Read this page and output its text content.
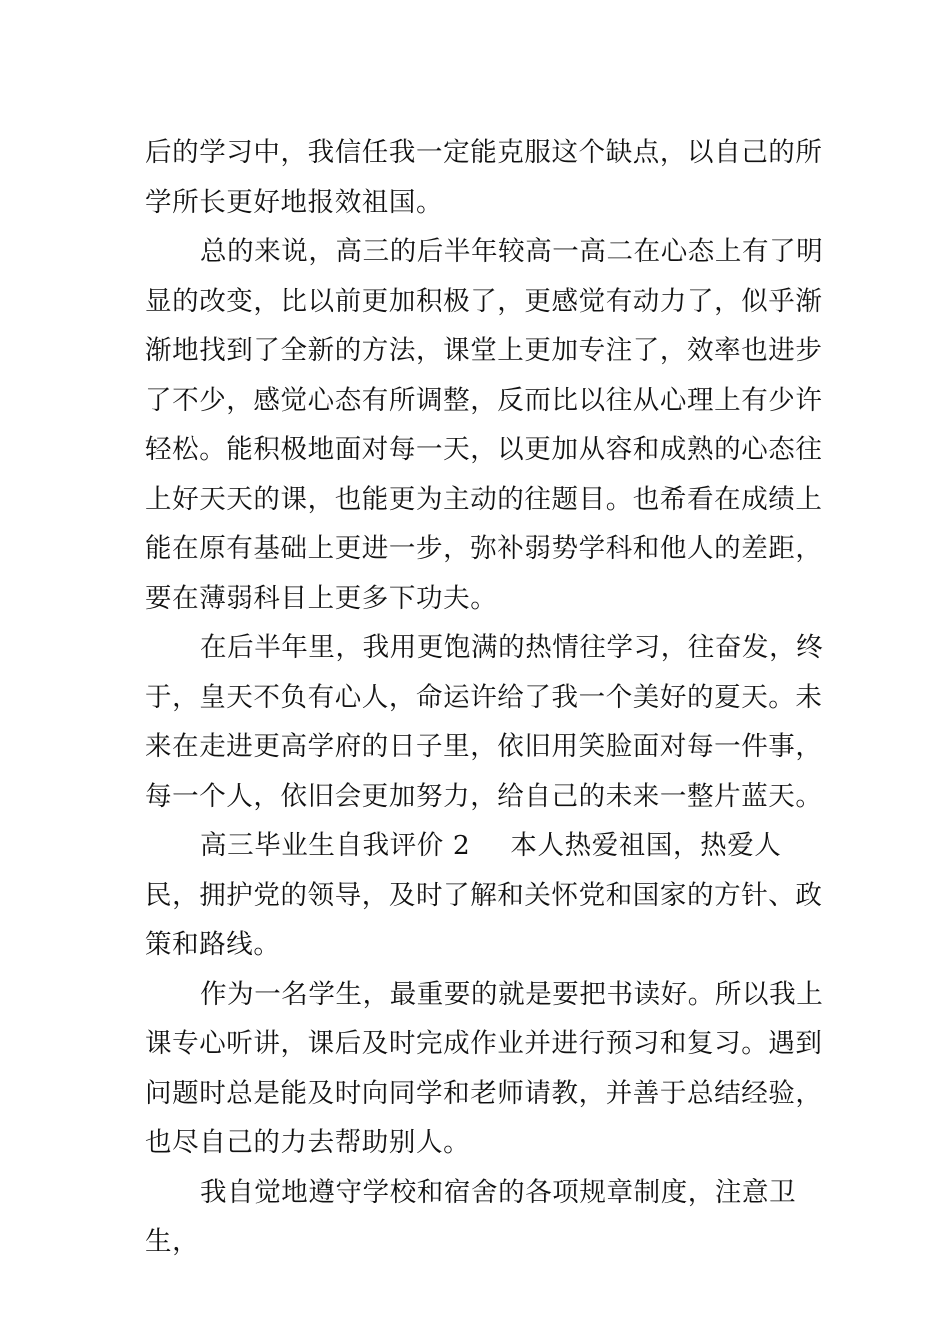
后的学习中，我信任我一定能克服这个缺点，以自己的所学所长更好地报效祖国。

总的来说，高三的后半年较高一高二在心态上有了明显的改变，比以前更加积极了，更感觉有动力了，似乎渐渐地找到了全新的方法，课堂上更加专注了，效率也进步了不少，感觉心态有所调整，反而比以往从心理上有少许轻松。能积极地面对每一天，以更加从容和成熟的心态往上好天天的课，也能更为主动的往题目。也希看在成绩上能在原有基础上更进一步，弥补弱势学科和他人的差距，要在薄弱科目上更多下功夫。

在后半年里，我用更饱满的热情往学习，往奋发，终于，皇天不负有心人，命运许给了我一个美好的夏天。未来在走进更高学府的日子里，依旧用笑脸面对每一件事，每一个人，依旧会更加努力，给自己的未来一整片蓝天。

高三毕业生自我评价 2 本人热爱祖国，热爱人民，拥护党的领导，及时了解和关怀党和国家的方针、政策和路线。

作为一名学生，最重要的就是要把书读好。所以我上课专心听讲，课后及时完成作业并进行预习和复习。遇到问题时总是能及时向同学和老师请教，并善于总结经验，也尽自己的力去帮助别人。

我自觉地遵守学校和宿舍的各项规章制度，注意卫生，
